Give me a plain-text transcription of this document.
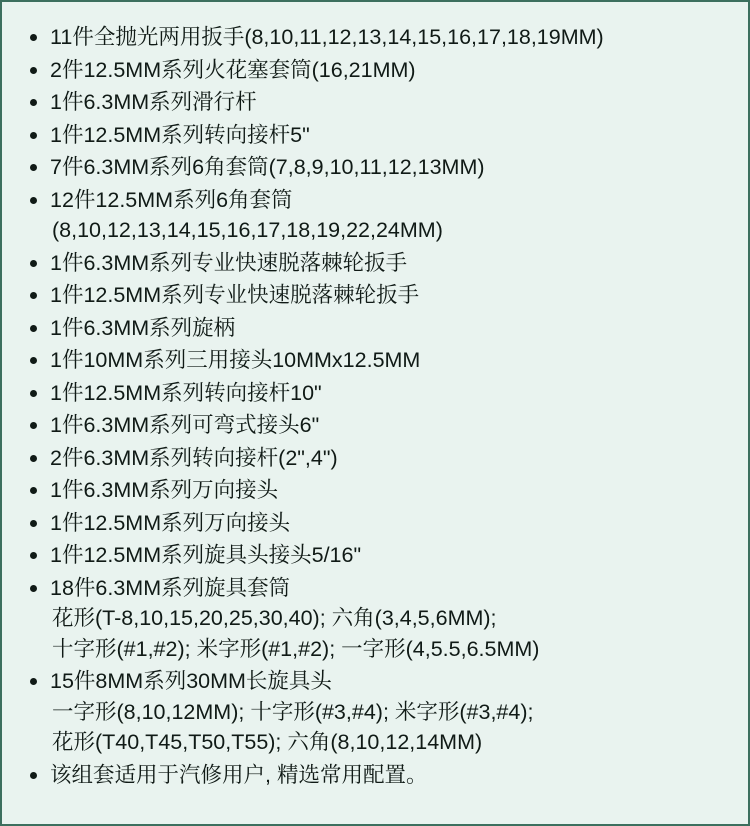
11件全抛光两用扳手(8,10,11,12,13,14,15,16,17,18,19MM)
2件12.5MM系列火花塞套筒(16,21MM)
1件6.3MM系列滑行杆
1件12.5MM系列转向接杆5"
7件6.3MM系列6角套筒(7,8,9,10,11,12,13MM)
12件12.5MM系列6角套筒
(8,10,12,13,14,15,16,17,18,19,22,24MM)
1件6.3MM系列专业快速脱落棘轮扳手
1件12.5MM系列专业快速脱落棘轮扳手
1件6.3MM系列旋柄
1件10MM系列三用接头10MMx12.5MM
1件12.5MM系列转向接杆10"
1件6.3MM系列可弯式接头6"
2件6.3MM系列转向接杆(2",4")
1件6.3MM系列万向接头
1件12.5MM系列万向接头
1件12.5MM系列旋具头接头5/16"
18件6.3MM系列旋具套筒
花形(T-8,10,15,20,25,30,40); 六角(3,4,5,6MM);
十字形(#1,#2); 米字形(#1,#2); 一字形(4,5.5,6.5MM)
15件8MM系列30MM长旋具头
一字形(8,10,12MM); 十字形(#3,#4); 米字形(#3,#4);
花形(T40,T45,T50,T55); 六角(8,10,12,14MM)
该组套适用于汽修用户, 精选常用配置。
